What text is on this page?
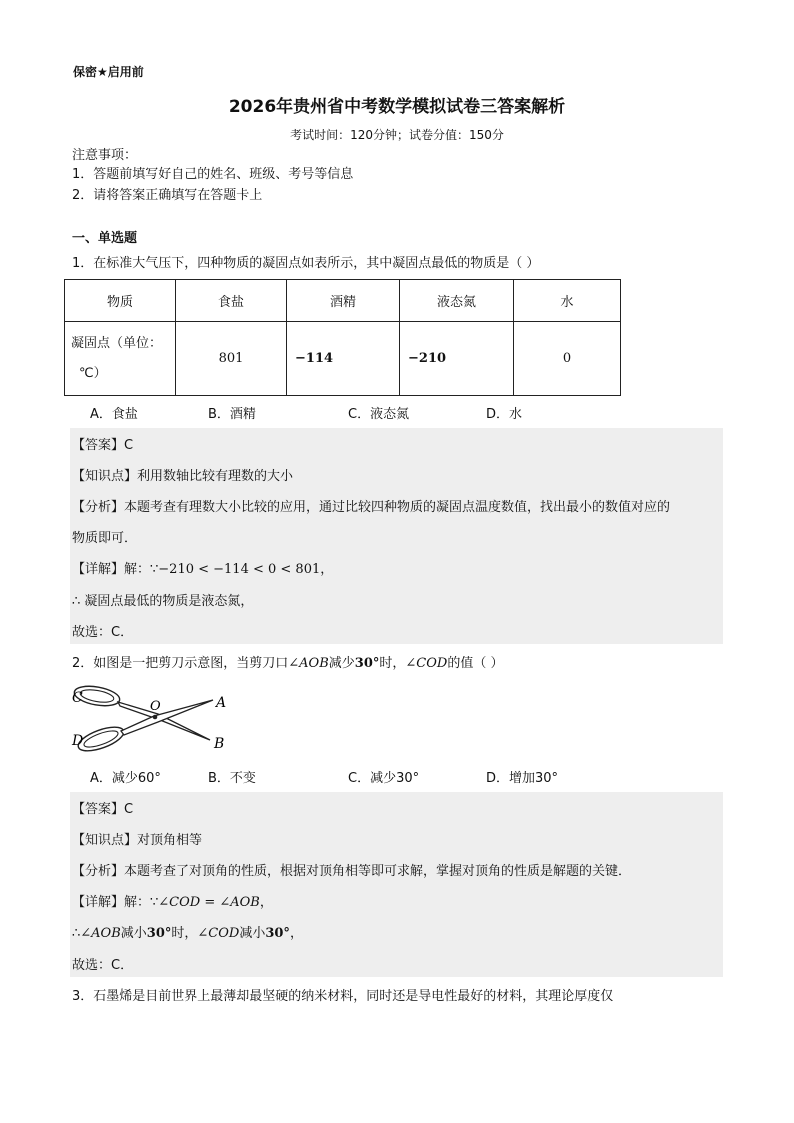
保密★启用前
2026年贵州省中考数学模拟试卷三答案解析
考试时间：120分钟；试卷分值：150分
注意事项：
1．答题前填写好自己的姓名、班级、考号等信息
2．请将答案正确填写在答题卡上
一、单选题
1．在标准大气压下，四种物质的凝固点如表所示，其中凝固点最低的物质是（ ）
物质	食盐	酒精	液态氮	水

凝固点（单位：
℃）	801	−114	−210	0
A．食盐	B．酒精	C．液态氮	D．水
【答案】C
【知识点】利用数轴比较有理数的大小
【分析】本题考查有理数大小比较的应用，通过比较四种物质的凝固点温度数值，找出最小的数值对应的
物质即可．
【详解】解：∵−210 < −114 < 0 < 801，
∴ 凝固点最低的物质是液态氮，
故选：C．
2．如图是一把剪刀示意图，当剪刀口∠AOB减少30°时，∠COD的值（ ）
C
O	A
D	B
A．减少60°	B．不变	C．减少30°	D．增加30°
【答案】C
【知识点】对顶角相等
【分析】本题考查了对顶角的性质，根据对顶角相等即可求解，掌握对顶角的性质是解题的关键．
【详解】解：∵∠COD = ∠AOB，
∴∠AOB减小30°时，∠COD减小30°，
故选：C．
3．石墨烯是目前世界上最薄却最坚硬的纳米材料，同时还是导电性最好的材料，其理论厚度仅
